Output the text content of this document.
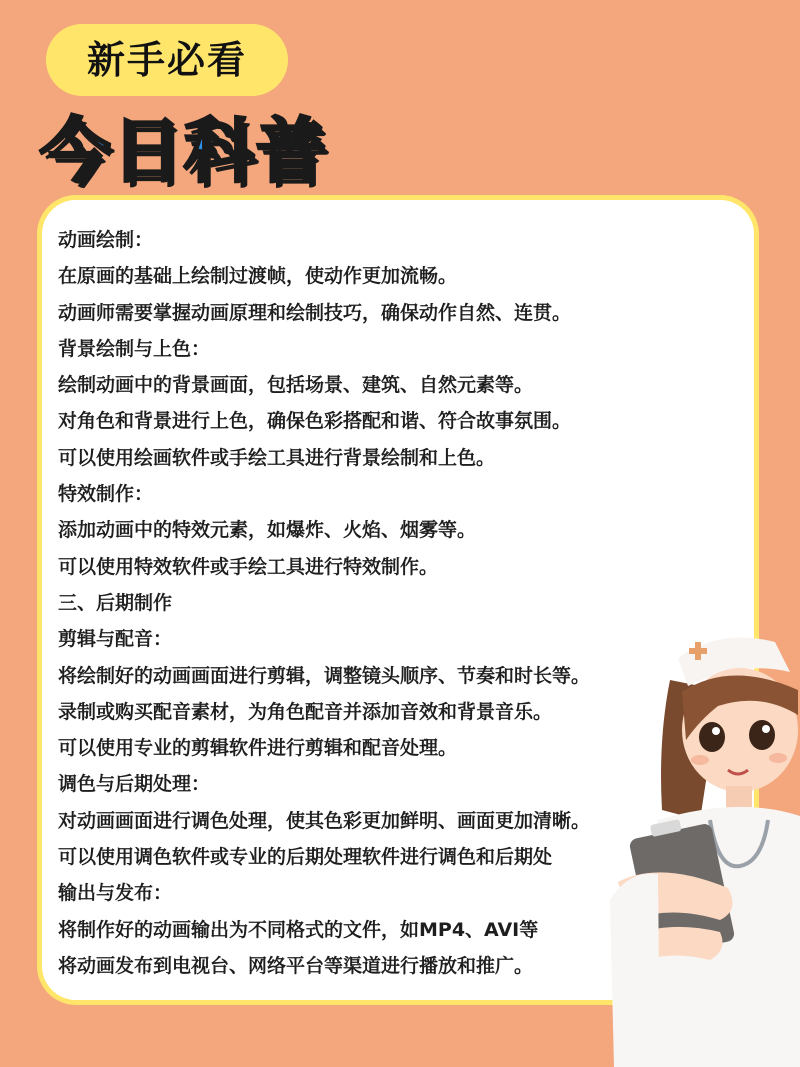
新手必看
今日科普
动画绘制：
在原画的基础上绘制过渡帧，使动作更加流畅。
动画师需要掌握动画原理和绘制技巧，确保动作自然、连贯。
背景绘制与上色：
绘制动画中的背景画面，包括场景、建筑、自然元素等。
对角色和背景进行上色，确保色彩搭配和谐、符合故事氛围。
可以使用绘画软件或手绘工具进行背景绘制和上色。
特效制作：
添加动画中的特效元素，如爆炸、火焰、烟雾等。
可以使用特效软件或手绘工具进行特效制作。
三、后期制作
剪辑与配音：
将绘制好的动画画面进行剪辑，调整镜头顺序、节奏和时长等。
录制或购买配音素材，为角色配音并添加音效和背景音乐。
可以使用专业的剪辑软件进行剪辑和配音处理。
调色与后期处理：
对动画画面进行调色处理，使其色彩更加鲜明、画面更加清晰。
可以使用调色软件或专业的后期处理软件进行调色和后期处
输出与发布：
将制作好的动画输出为不同格式的文件，如MP4、AVI等
将动画发布到电视台、网络平台等渠道进行播放和推广。
